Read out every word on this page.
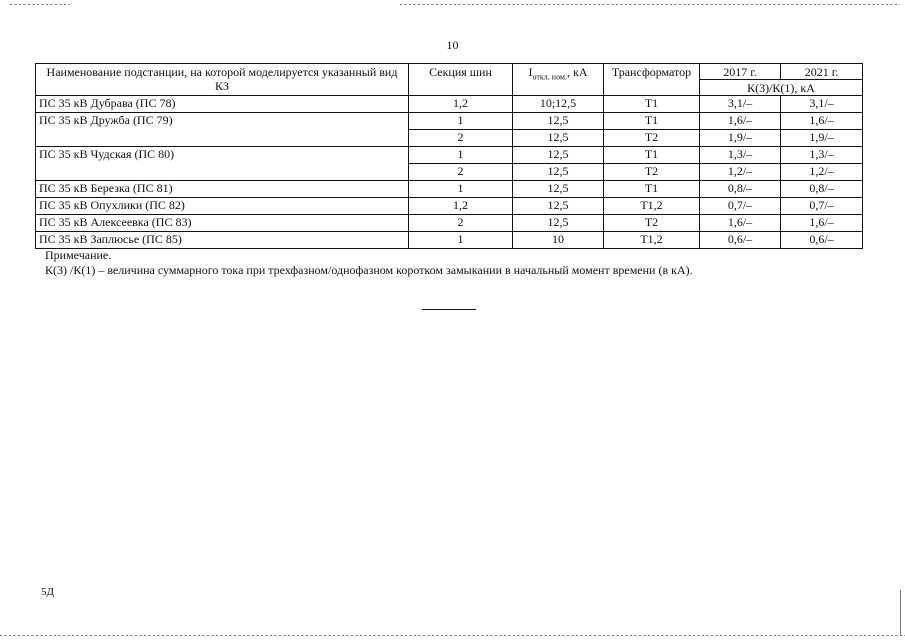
10
Наименование подстанции, на которой моделируется указанный вид КЗ	Секция шин	$I_{откл. ном.}$, кА	Трансформатор	2017 г.	2021 г.
				К(3)/К(1), кА	
ПС 35 кВ Дубрава (ПС 78)	1,2	10;12,5	Т1	3,1/–	3,1/–
ПС 35 кВ Дружба (ПС 79)	1	12,5	Т1	1,6/–	1,6/–
	2	12,5	Т2	1,9/–	1,9/–
ПС 35 кВ Чудская (ПС 80)	1	12,5	Т1	1,3/–	1,3/–
	2	12,5	Т2	1,2/–	1,2/–
ПС 35 кВ Березка (ПС 81)	1	12,5	Т1	0,8/–	0,8/–
ПС 35 кВ Опухлики (ПС 82)	1,2	12,5	Т1,2	0,7/–	0,7/–
ПС 35 кВ Алексеевка (ПС 83)	2	12,5	Т2	1,6/–	1,6/–
ПС 35 кВ Заплюсье (ПС 85)	1	10	Т1,2	0,6/–	0,6/–
Примечание.
К(3) /К(1) – величина суммарного тока при трехфазном/однофазном коротком замыкании в начальный момент времени (в кА).
5Д
